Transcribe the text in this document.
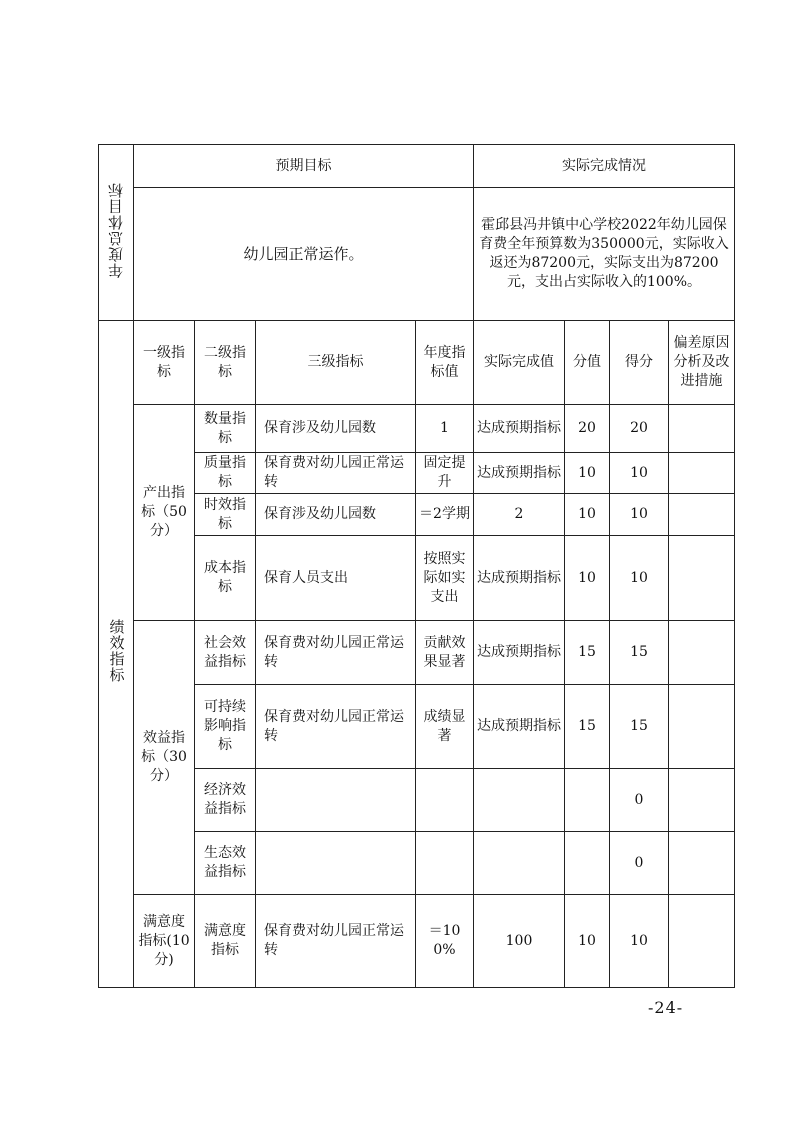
年度总体目标	预期目标				实际完成情况			
	幼儿园正常运作。				霍邱县冯井镇中心学校2022年幼儿园保育费全年预算数为350000元，实际收入返还为87200元，实际支出为87200元，支出占实际收入的100%。			
绩效指标	一级指标	二级指标	三级指标	年度指标值	实际完成值	分值	得分	偏差原因分析及改进措施
	产出指标（50 分）	数量指标	保育涉及幼儿园数	1	达成预期指标	20	20	
		质量指标	保育费对幼儿园正常运转	固定提升	达成预期指标	10	10	
		时效指标	保育涉及幼儿园数	＝2学期	2	10	10	
		成本指标	保育人员支出	按照实际如实支出	达成预期指标	10	10	
	效益指标（30 分）	社会效益指标	保育费对幼儿园正常运转	贡献效果显著	达成预期指标	15	15	
		可持续影响指标	保育费对幼儿园正常运转	成绩显著	达成预期指标	15	15	
		经济效益指标					0	
		生态效益指标					0	
	满意度指标(10 分)	满意度指标	保育费对幼儿园正常运转	＝100%	100	10	10	
-24-
